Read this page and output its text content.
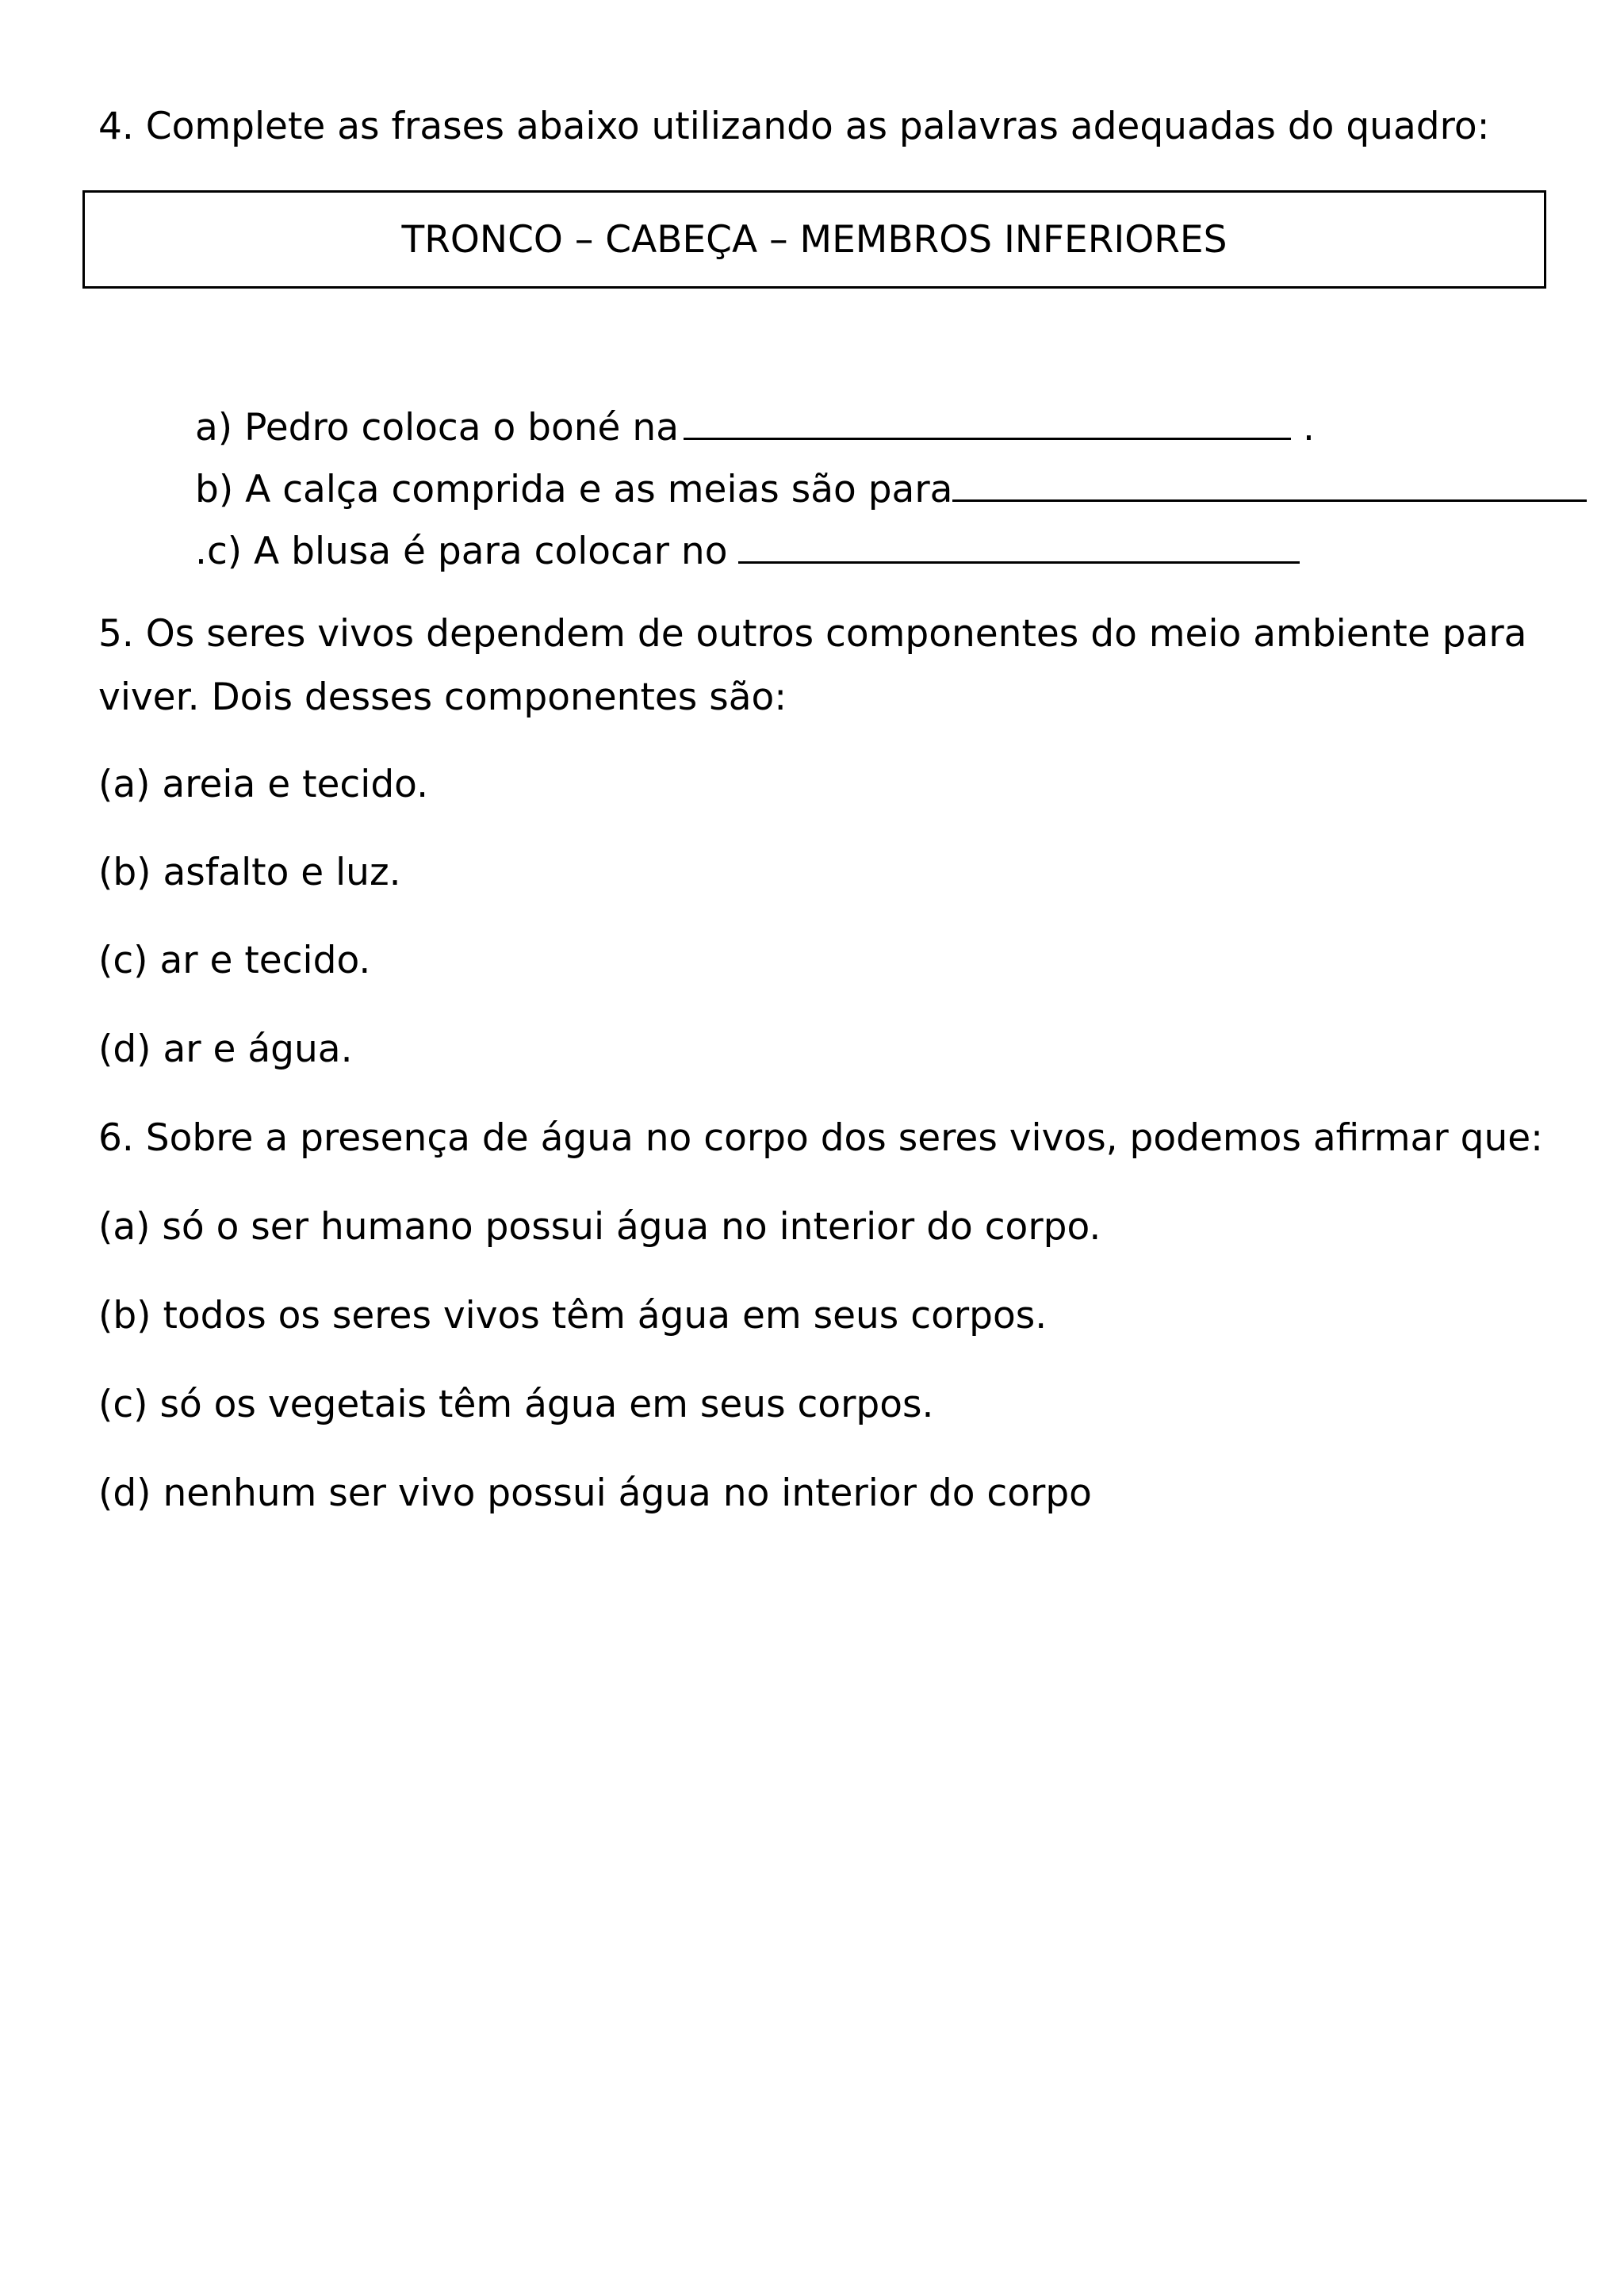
4. Complete as frases abaixo utilizando as palavras adequadas do quadro:
TRONCO – CABEÇA – MEMBROS INFERIORES
a) Pedro coloca o boné na	.
b) A calça comprida e as meias são para
.c) A blusa é para colocar no
5. Os seres vivos dependem de outros componentes do meio ambiente para
viver. Dois desses componentes são:
(a) areia e tecido.
(b) asfalto e luz.
(c) ar e tecido.
(d) ar e água.
6. Sobre a presença de água no corpo dos seres vivos, podemos afirmar que:
(a) só o ser humano possui água no interior do corpo.
(b) todos os seres vivos têm água em seus corpos.
(c) só os vegetais têm água em seus corpos.
(d) nenhum ser vivo possui água no interior do corpo
